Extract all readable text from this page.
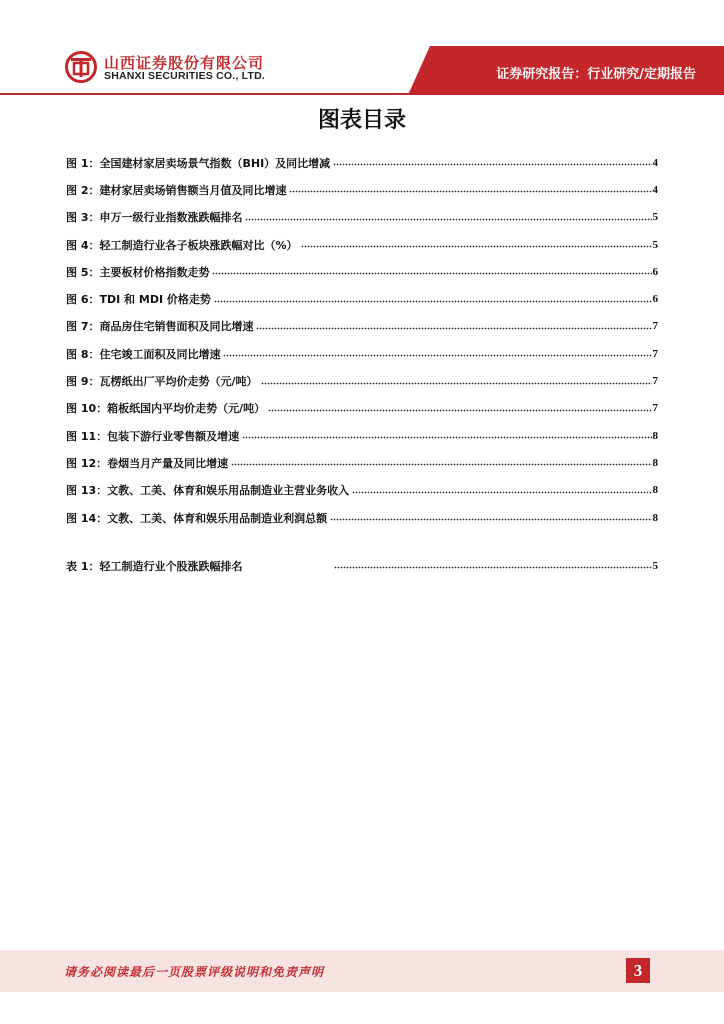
山西证券股份有限公司
SHANXI SECURITIES CO., LTD.	证券研究报告：行业研究/定期报告
图表目录
图 1：全国建材家居卖场景气指数（BHI）及同比增减	4
图 2：建材家居卖场销售额当月值及同比增速	4
图 3：申万一级行业指数涨跌幅排名	5
图 4：轻工制造行业各子板块涨跌幅对比（%）	5
图 5：主要板材价格指数走势	6
图 6：TDI 和 MDI 价格走势	6
图 7：商品房住宅销售面积及同比增速	7
图 8：住宅竣工面积及同比增速	7
图 9：瓦楞纸出厂平均价走势（元/吨）	7
图 10：箱板纸国内平均价走势（元/吨）	7
图 11：包装下游行业零售额及增速	8
图 12：卷烟当月产量及同比增速	8
图 13：文教、工美、体育和娱乐用品制造业主营业务收入	8
图 14：文教、工美、体育和娱乐用品制造业利润总额	8
表 1：轻工制造行业个股涨跌幅排名	5
请务必阅读最后一页股票评级说明和免责声明	3
